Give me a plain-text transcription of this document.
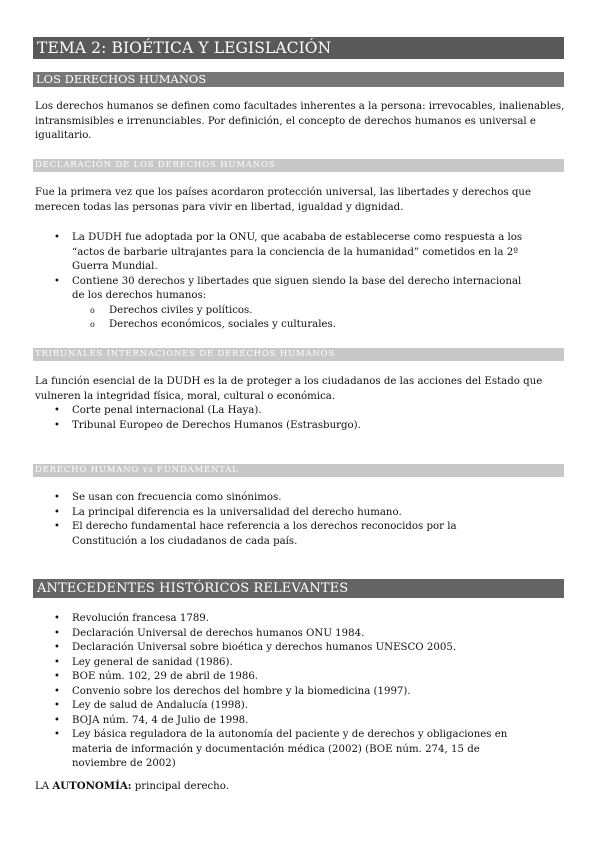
TEMA 2: BIOÉTICA Y LEGISLACIÓN
LOS DERECHOS HUMANOS
Los derechos humanos se definen como facultades inherentes a la persona: irrevocables, inalienables, intransmisibles e irrenunciables. Por definición, el concepto de derechos humanos es universal e igualitario.
DECLARACIÓN DE LOS DERECHOS HUMANOS
Fue la primera vez que los países acordaron protección universal, las libertades y derechos que merecen todas las personas para vivir en libertad, igualdad y dignidad.
• La DUDH fue adoptada por la ONU, que acababa de establecerse como respuesta a los “actos de barbarie ultrajantes para la conciencia de la humanidad” cometidos en la 2º Guerra Mundial.
• Contiene 30 derechos y libertades que siguen siendo la base del derecho internacional de los derechos humanos:
o Derechos civiles y políticos.
o Derechos económicos, sociales y culturales.
TRIBUNALES INTERNACIONES DE DERECHOS HUMANOS
La función esencial de la DUDH es la de proteger a los ciudadanos de las acciones del Estado que vulneren la integridad física, moral, cultural o económica.
• Corte penal internacional (La Haya).
• Tribunal Europeo de Derechos Humanos (Estrasburgo).
DERECHO HUMANO vs FUNDAMENTAL
• Se usan con frecuencia como sinónimos.
• La principal diferencia es la universalidad del derecho humano.
• El derecho fundamental hace referencia a los derechos reconocidos por la Constitución a los ciudadanos de cada país.
ANTECEDENTES HISTÓRICOS RELEVANTES
• Revolución francesa 1789.
• Declaración Universal de derechos humanos ONU 1984.
• Declaración Universal sobre bioética y derechos humanos UNESCO 2005.
• Ley general de sanidad (1986).
• BOE núm. 102, 29 de abril de 1986.
• Convenio sobre los derechos del hombre y la biomedicina (1997).
• Ley de salud de Andalucía (1998).
• BOJA núm. 74, 4 de Julio de 1998.
• Ley básica reguladora de la autonomía del paciente y de derechos y obligaciones en materia de información y documentación médica (2002) (BOE núm. 274, 15 de noviembre de 2002)
LA AUTONOMÍA: principal derecho.
